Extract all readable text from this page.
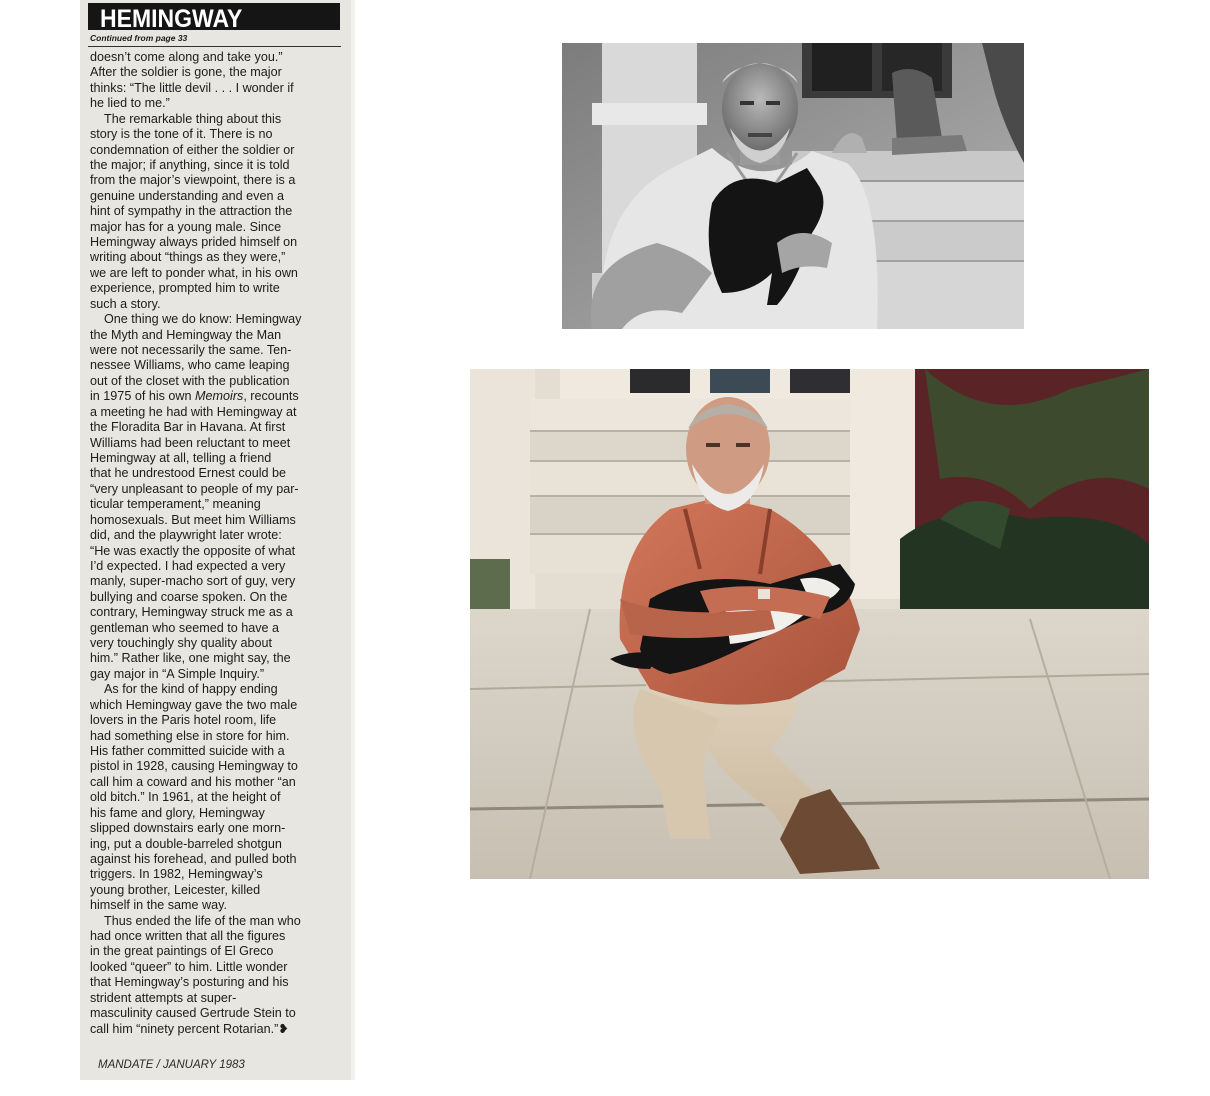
HEMINGWAY
Continued from page 33
doesn’t come along and take you.”
After the soldier is gone, the major
thinks: “The little devil . . . I wonder if
he lied to me.”
The remarkable thing about this
story is the tone of it. There is no
condemnation of either the soldier or
the major; if anything, since it is told
from the major’s viewpoint, there is a
genuine understanding and even a
hint of sympathy in the attraction the
major has for a young male. Since
Hemingway always prided himself on
writing about “things as they were,”
we are left to ponder what, in his own
experience, prompted him to write
such a story.
One thing we do know: Hemingway
the Myth and Hemingway the Man
were not necessarily the same. Ten-
nessee Williams, who came leaping
out of the closet with the publication
in 1975 of his own Memoirs, recounts
a meeting he had with Hemingway at
the Floradita Bar in Havana. At first
Williams had been reluctant to meet
Hemingway at all, telling a friend
that he undrestood Ernest could be
“very unpleasant to people of my par-
ticular temperament,” meaning
homosexuals. But meet him Williams
did, and the playwright later wrote:
“He was exactly the opposite of what
I’d expected. I had expected a very
manly, super-macho sort of guy, very
bullying and coarse spoken. On the
contrary, Hemingway struck me as a
gentleman who seemed to have a
very touchingly shy quality about
him.” Rather like, one might say, the
gay major in “A Simple Inquiry.”
As for the kind of happy ending
which Hemingway gave the two male
lovers in the Paris hotel room, life
had something else in store for him.
His father committed suicide with a
pistol in 1928, causing Hemingway to
call him a coward and his mother “an
old bitch.” In 1961, at the height of
his fame and glory, Hemingway
slipped downstairs early one morn-
ing, put a double-barreled shotgun
against his forehead, and pulled both
triggers. In 1982, Hemingway’s
young brother, Leicester, killed
himself in the same way.
Thus ended the life of the man who
had once written that all the figures
in the great paintings of El Greco
looked “queer” to him. Little wonder
that Hemingway’s posturing and his
strident attempts at super-
masculinity caused Gertrude Stein to
call him “ninety percent Rotarian.”❥
MANDATE / JANUARY 1983
